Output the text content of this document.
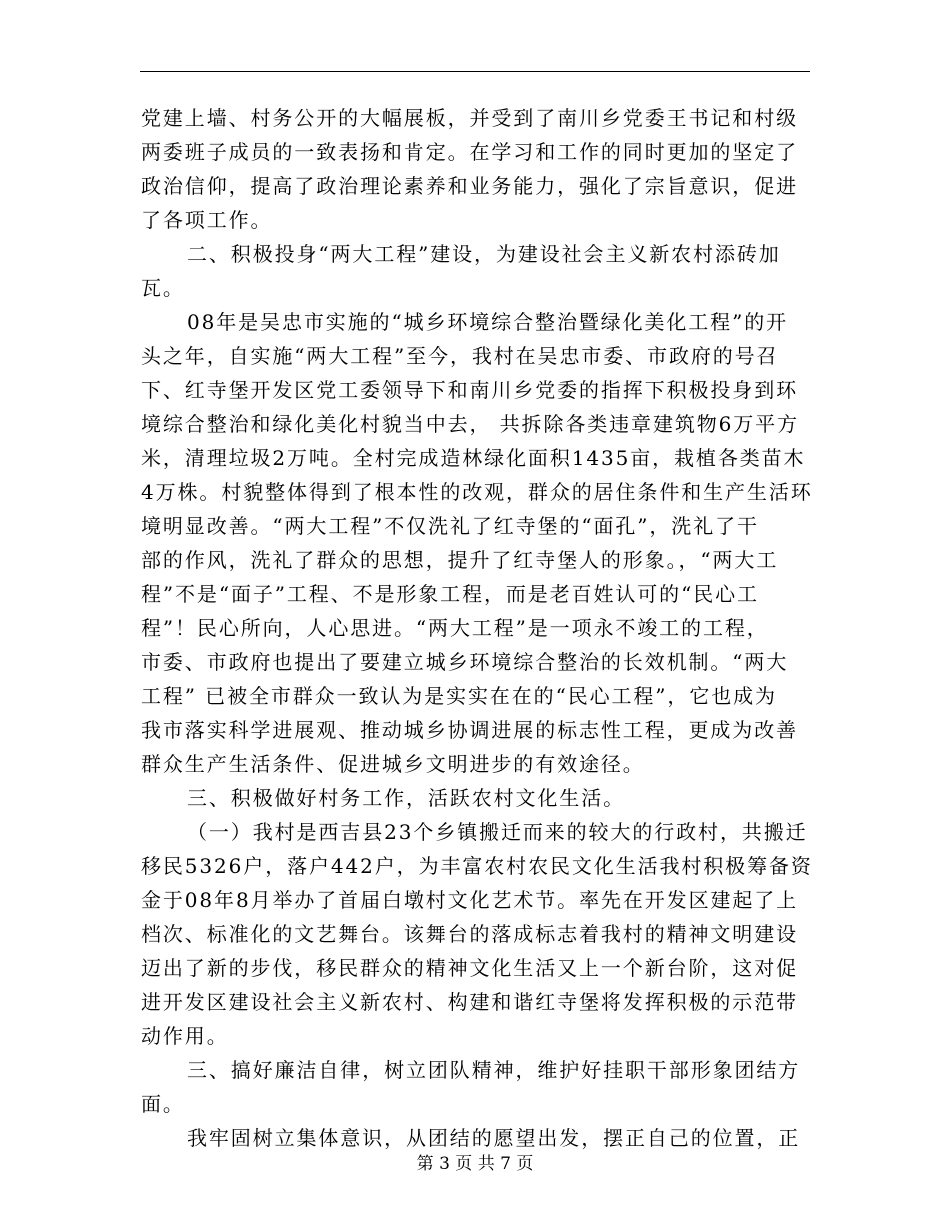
党建上墙、村务公开的大幅展板，并受到了南川乡党委王书记和村级
两委班子成员的一致表扬和肯定。在学习和工作的同时更加的坚定了
政治信仰，提高了政治理论素养和业务能力，强化了宗旨意识，促进
了各项工作。
二、积极投身“两大工程”建设，为建设社会主义新农村添砖加
瓦。
08年是吴忠市实施的“城乡环境综合整治暨绿化美化工程”的开
头之年，自实施“两大工程”至今，我村在吴忠市委、市政府的号召
下、红寺堡开发区党工委领导下和南川乡党委的指挥下积极投身到环
境综合整治和绿化美化村貌当中去， 共拆除各类违章建筑物6万平方
米，清理垃圾2万吨。全村完成造林绿化面积1435亩，栽植各类苗木
4万株。村貌整体得到了根本性的改观，群众的居住条件和生产生活环
境明显改善。“两大工程”不仅洗礼了红寺堡的“面孔”，洗礼了干
部的作风，洗礼了群众的思想，提升了红寺堡人的形象。，“两大工
程”不是“面子”工程、不是形象工程，而是老百姓认可的“民心工
程”！民心所向，人心思进。“两大工程”是一项永不竣工的工程，
市委、市政府也提出了要建立城乡环境综合整治的长效机制。“两大
工程” 已被全市群众一致认为是实实在在的“民心工程”，它也成为
我市落实科学进展观、推动城乡协调进展的标志性工程，更成为改善
群众生产生活条件、促进城乡文明进步的有效途径。
三、积极做好村务工作，活跃农村文化生活。
（一）我村是西吉县23个乡镇搬迁而来的较大的行政村，共搬迁
移民5326户，落户442户，为丰富农村农民文化生活我村积极筹备资
金于08年8月举办了首届白墩村文化艺术节。率先在开发区建起了上
档次、标准化的文艺舞台。该舞台的落成标志着我村的精神文明建设
迈出了新的步伐，移民群众的精神文化生活又上一个新台阶，这对促
进开发区建设社会主义新农村、构建和谐红寺堡将发挥积极的示范带
动作用。
三、搞好廉洁自律，树立团队精神，维护好挂职干部形象团结方
面。
我牢固树立集体意识，从团结的愿望出发，摆正自己的位置，正
第 3 页 共 7 页
